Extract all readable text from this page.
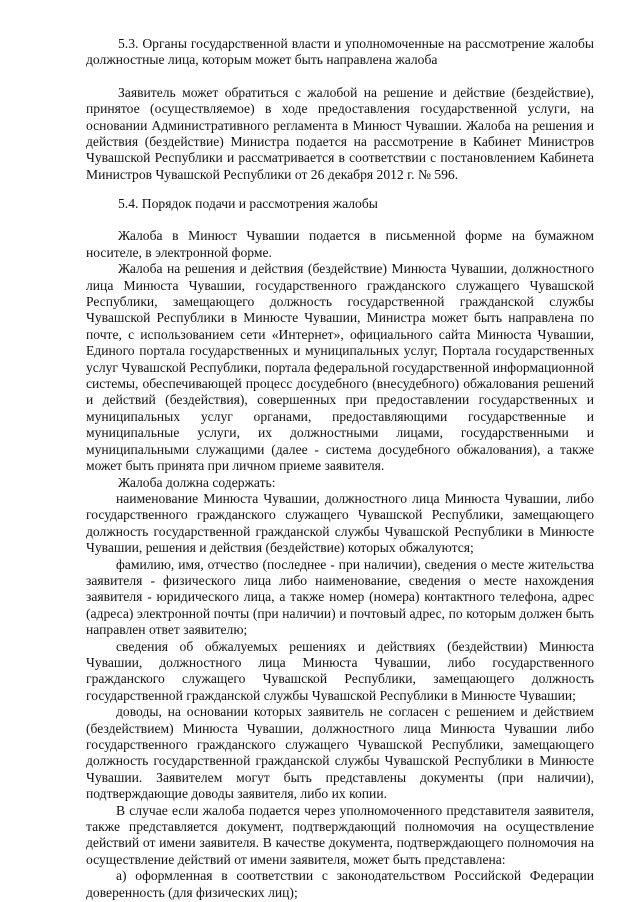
5.3. Органы государственной власти и уполномоченные на рассмотрение жалобы должностные лица, которым может быть направлена жалоба

Заявитель может обратиться с жалобой на решение и действие (бездействие), принятое (осуществляемое) в ходе предоставления государственной услуги, на основании Административного регламента в Минюст Чувашии. Жалоба на решения и действия (бездействие) Министра подается на рассмотрение в Кабинет Министров Чувашской Республики и рассматривается в соответствии с постановлением Кабинета Министров Чувашской Республики от 26 декабря 2012 г. № 596.

5.4. Порядок подачи и рассмотрения жалобы

Жалоба в Минюст Чувашии подается в письменной форме на бумажном носителе, в электронной форме.

Жалоба на решения и действия (бездействие) Минюста Чувашии, должностного лица Минюста Чувашии, государственного гражданского служащего Чувашской Республики, замещающего должность государственной гражданской службы Чувашской Республики в Минюсте Чувашии, Министра может быть направлена по почте, с использованием сети «Интернет», официального сайта Минюста Чувашии, Единого портала государственных и муниципальных услуг, Портала государственных услуг Чувашской Республики, портала федеральной государственной информационной системы, обеспечивающей процесс досудебного (внесудебного) обжалования решений и действий (бездействия), совершенных при предоставлении государственных и муниципальных услуг органами, предоставляющими государственные и муниципальные услуги, их должностными лицами, государственными и муниципальными служащими (далее - система досудебного обжалования), а также может быть принята при личном приеме заявителя.

Жалоба должна содержать:

наименование Минюста Чувашии, должностного лица Минюста Чувашии, либо государственного гражданского служащего Чувашской Республики, замещающего должность государственной гражданской службы Чувашской Республики в Минюсте Чувашии, решения и действия (бездействие) которых обжалуются;

фамилию, имя, отчество (последнее - при наличии), сведения о месте жительства заявителя - физического лица либо наименование, сведения о месте нахождения заявителя - юридического лица, а также номер (номера) контактного телефона, адрес (адреса) электронной почты (при наличии) и почтовый адрес, по которым должен быть направлен ответ заявителю;

сведения об обжалуемых решениях и действиях (бездействии) Минюста Чувашии, должностного лица Минюста Чувашии, либо государственного гражданского служащего Чувашской Республики, замещающего должность государственной гражданской службы Чувашской Республики в Минюсте Чувашии;

доводы, на основании которых заявитель не согласен с решением и действием (бездействием) Минюста Чувашии, должностного лица Минюста Чувашии либо государственного гражданского служащего Чувашской Республики, замещающего должность государственной гражданской службы Чувашской Республики в Минюсте Чувашии. Заявителем могут быть представлены документы (при наличии), подтверждающие доводы заявителя, либо их копии.

В случае если жалоба подается через уполномоченного представителя заявителя, также представляется документ, подтверждающий полномочия на осуществление действий от имени заявителя. В качестве документа, подтверждающего полномочия на осуществление действий от имени заявителя, может быть представлена:

а) оформленная в соответствии с законодательством Российской Федерации доверенность (для физических лиц);
